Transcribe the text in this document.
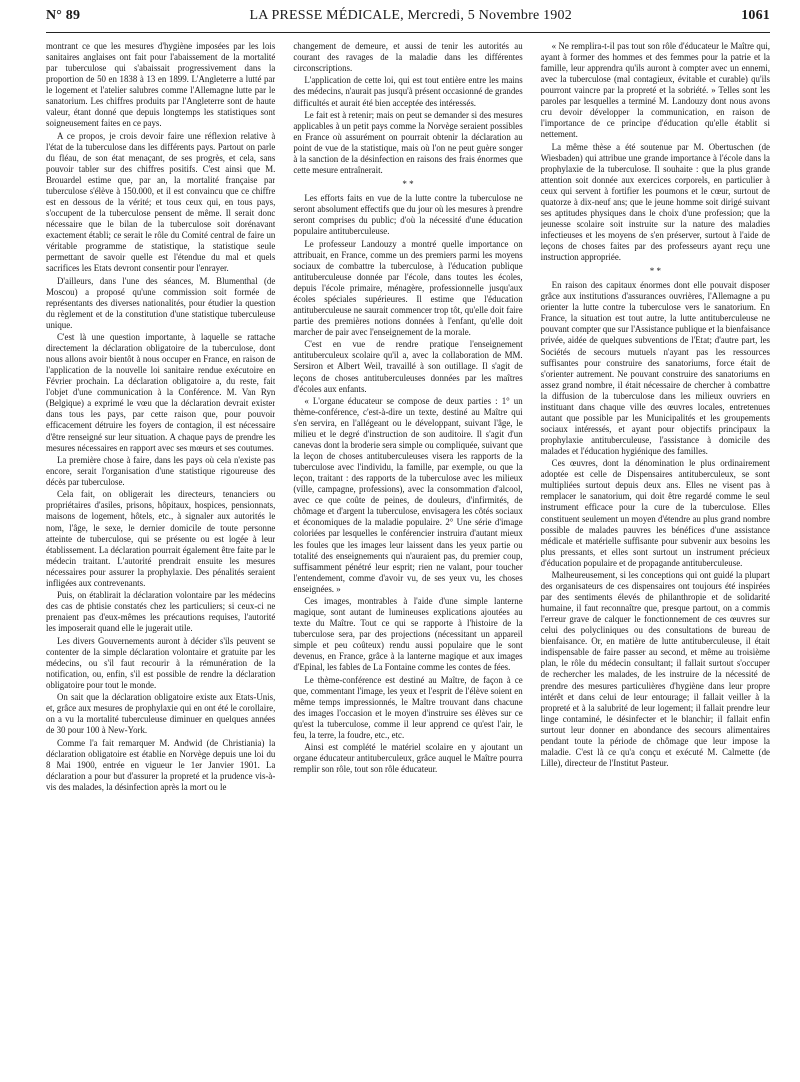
N° 89	LA PRESSE MÉDICALE, Mercredi, 5 Novembre 1902	1061

montrant ce que les mesures d'hygiène imposées par les lois sanitaires anglaises ont fait pour l'abaissement de la mortalité par tuberculose qui s'abaissait progressivement dans la proportion de 50 en 1838 à 13 en 1899. L'Angleterre a lutté par le logement et l'atelier salubres comme l'Allemagne lutte par le sanatorium. Les chiffres produits par l'Angleterre sont de haute valeur, étant donné que depuis longtemps les statistiques sont soigneusement faites en ce pays.

A ce propos, je crois devoir faire une réflexion relative à l'état de la tuberculose dans les différents pays. Partout on parle du fléau, de son état menaçant, de ses progrès, et cela, sans pouvoir tabler sur des chiffres positifs. C'est ainsi que M. Brouardel estime que, par an, la mortalité française par tuberculose s'élève à 150.000, et il est convaincu que ce chiffre est en dessous de la vérité; et tous ceux qui, en tous pays, s'occupent de la tuberculose pensent de même. Il serait donc nécessaire que le bilan de la tuberculose soit dorénavant exactement établi; ce serait le rôle du Comité central de faire un véritable programme de statistique, la statistique seule permettant de savoir quelle est l'étendue du mal et quels sacrifices les Etats devront consentir pour l'enrayer.

D'ailleurs, dans l'une des séances, M. Blumenthal (de Moscou) a proposé qu'une commission soit formée de représentants des diverses nationalités, pour étudier la question du règlement et de la constitution d'une statistique tuberculeuse unique.

C'est là une question importante, à laquelle se rattache directement la déclaration obligatoire de la tuberculose, dont nous allons avoir bientôt à nous occuper en France, en raison de l'application de la nouvelle loi sanitaire rendue exécutoire en Février prochain. La déclaration obligatoire a, du reste, fait l'objet d'une communication à la Conférence. M. Van Ryn (Belgique) a exprimé le vœu que la déclaration devrait exister dans tous les pays, par cette raison que, pour pouvoir efficacement détruire les foyers de contagion, il est nécessaire d'être renseigné sur leur situation. A chaque pays de prendre les mesures nécessaires en rapport avec ses mœurs et ses coutumes.

La première chose à faire, dans les pays où cela n'existe pas encore, serait l'organisation d'une statistique rigoureuse des décès par tuberculose.

Cela fait, on obligerait les directeurs, tenanciers ou propriétaires d'asiles, prisons, hôpitaux, hospices, pensionnats, maisons de logement, hôtels, etc., à signaler aux autorités le nom, l'âge, le sexe, le dernier domicile de toute personne atteinte de tuberculose, qui se présente ou est logée à leur établissement. La déclaration pourrait également être faite par le médecin traitant. L'autorité prendrait ensuite les mesures nécessaires pour assurer la prophylaxie. Des pénalités seraient infligées aux contrevenants.

Puis, on établirait la déclaration volontaire par les médecins des cas de phtisie constatés chez les particuliers; si ceux-ci ne prenaient pas d'eux-mêmes les précautions requises, l'autorité les imposerait quand elle le jugerait utile.

Les divers Gouvernements auront à décider s'ils peuvent se contenter de la simple déclaration volontaire et gratuite par les médecins, ou s'il faut recourir à la rémunération de la notification, ou, enfin, s'il est possible de rendre la déclaration obligatoire pour tout le monde.

On sait que la déclaration obligatoire existe aux Etats-Unis, et, grâce aux mesures de prophylaxie qui en ont été le corollaire, on a vu la mortalité tuberculeuse diminuer en quelques années de 30 pour 100 à New-York.

Comme l'a fait remarquer M. Andwid (de Christiania) la déclaration obligatoire est établie en Norvège depuis une loi du 8 Mai 1900, entrée en vigueur le 1er Janvier 1901. La déclaration a pour but d'assurer la propreté et la prudence vis-à-vis des malades, la désinfection après la mort ou le

changement de demeure, et aussi de tenir les autorités au courant des ravages de la maladie dans les différentes circonscriptions.

L'application de cette loi, qui est tout entière entre les mains des médecins, n'aurait pas jusqu'à présent occasionné de grandes difficultés et aurait été bien acceptée des intéressés.

Le fait est à retenir; mais on peut se demander si des mesures applicables à un petit pays comme la Norvège seraient possibles en France où assurément on pourrait obtenir la déclaration au point de vue de la statistique, mais où l'on ne peut guère songer à la sanction de la désinfection en raisons des frais énormes que cette mesure entraînerait.

* *

Les efforts faits en vue de la lutte contre la tuberculose ne seront absolument effectifs que du jour où les mesures à prendre seront comprises du public; d'où la nécessité d'une éducation populaire antituberculeuse.

Le professeur Landouzy a montré quelle importance on attribuait, en France, comme un des premiers parmi les moyens sociaux de combattre la tuberculose, à l'éducation publique antituberculeuse donnée par l'école, dans toutes les écoles, depuis l'école primaire, ménagère, professionnelle jusqu'aux écoles spéciales supérieures. Il estime que l'éducation antituberculeuse ne saurait commencer trop tôt, qu'elle doit faire partie des premières notions données à l'enfant, qu'elle doit marcher de pair avec l'enseignement de la morale.

C'est en vue de rendre pratique l'enseignement antituberculeux scolaire qu'il a, avec la collaboration de MM. Sersiron et Albert Weil, travaillé à son outillage. Il s'agit de leçons de choses antituberculeuses données par les maîtres d'écoles aux enfants.

« L'organe éducateur se compose de deux parties : 1° un thème-conférence, c'est-à-dire un texte, destiné au Maître qui s'en servira, en l'allégeant ou le développant, suivant l'âge, le milieu et le degré d'instruction de son auditoire. Il s'agit d'un canevas dont la broderie sera simple ou compliquée, suivant que la leçon de choses antituberculeuses visera les rapports de la tuberculose avec l'individu, la famille, par exemple, ou que la leçon, traitant : des rapports de la tuberculose avec les milieux (ville, campagne, professions), avec la consommation d'alcool, avec ce que coûte de peines, de douleurs, d'infirmités, de chômage et d'argent la tuberculose, envisagera les côtés sociaux et économiques de la maladie populaire. 2° Une série d'image coloriées par lesquelles le conférencier instruira d'autant mieux les foules que les images leur laissent dans les yeux partie ou totalité des enseignements qui n'auraient pas, du premier coup, suffisamment pénétré leur esprit; rien ne valant, pour toucher l'entendement, comme d'avoir vu, de ses yeux vu, les choses enseignées. »

Ces images, montrables à l'aide d'une simple lanterne magique, sont autant de lumineuses explications ajoutées au texte du Maître. Tout ce qui se rapporte à l'histoire de la tuberculose sera, par des projections (nécessitant un appareil simple et peu coûteux) rendu aussi populaire que le sont devenus, en France, grâce à la lanterne magique et aux images d'Epinal, les fables de La Fontaine comme les contes de fées.

Le thème-conférence est destiné au Maître, de façon à ce que, commentant l'image, les yeux et l'esprit de l'élève soient en même temps impressionnés, le Maître trouvant dans chacune des images l'occasion et le moyen d'instruire ses élèves sur ce qu'est la tuberculose, comme il leur apprend ce qu'est l'air, le feu, la terre, la foudre, etc., etc.

Ainsi est complété le matériel scolaire en y ajoutant un organe éducateur antituberculeux, grâce auquel le Maître pourra remplir son rôle, tout son rôle éducateur.

« Ne remplira-t-il pas tout son rôle d'éducateur le Maître qui, ayant à former des hommes et des femmes pour la patrie et la famille, leur apprendra qu'ils auront à compter avec un ennemi, avec la tuberculose (mal contagieux, évitable et curable) qu'ils pourront vaincre par la propreté et la sobriété. » Telles sont les paroles par lesquelles a terminé M. Landouzy dont nous avons cru devoir développer la communication, en raison de l'importance de ce principe d'éducation qu'elle établit si nettement.

La même thèse a été soutenue par M. Obertuschen (de Wiesbaden) qui attribue une grande importance à l'école dans la prophylaxie de la tuberculose. Il souhaite : que la plus grande attention soit donnée aux exercices corporels, en particulier à ceux qui servent à fortifier les poumons et le cœur, surtout de quatorze à dix-neuf ans; que le jeune homme soit dirigé suivant ses aptitudes physiques dans le choix d'une profession; que la jeunesse scolaire soit instruite sur la nature des maladies infectieuses et les moyens de s'en préserver, surtout à l'aide de leçons de choses faites par des professeurs ayant reçu une instruction appropriée.

* *

En raison des capitaux énormes dont elle pouvait disposer grâce aux institutions d'assurances ouvrières, l'Allemagne a pu orienter la lutte contre la tuberculose vers le sanatorium. En France, la situation est tout autre, la lutte antituberculeuse ne pouvant compter que sur l'Assistance publique et la bienfaisance privée, aidée de quelques subventions de l'Etat; d'autre part, les Sociétés de secours mutuels n'ayant pas les ressources suffisantes pour construire des sanatoriums, force était de s'orienter autrement. Ne pouvant construire des sanatoriums en assez grand nombre, il était nécessaire de chercher à combattre la diffusion de la tuberculose dans les milieux ouvriers en instituant dans chaque ville des œuvres locales, entretenues autant que possible par les Municipalités et les groupements sociaux intéressés, et ayant pour objectifs principaux la prophylaxie antituberculeuse, l'assistance à domicile des malades et l'éducation hygiénique des familles.

Ces œuvres, dont la dénomination le plus ordinairement adoptée est celle de Dispensaires antituberculeux, se sont multipliées surtout depuis deux ans. Elles ne visent pas à remplacer le sanatorium, qui doit être regardé comme le seul instrument efficace pour la cure de la tuberculose. Elles constituent seulement un moyen d'étendre au plus grand nombre possible de malades pauvres les bénéfices d'une assistance médicale et matérielle suffisante pour subvenir aux besoins les plus pressants, et elles sont surtout un instrument précieux d'éducation populaire et de propagande antituberculeuse.

Malheureusement, si les conceptions qui ont guidé la plupart des organisateurs de ces dispensaires ont toujours été inspirées par des sentiments élevés de philanthropie et de solidarité humaine, il faut reconnaître que, presque partout, on a commis l'erreur grave de calquer le fonctionnement de ces œuvres sur celui des polycliniques ou des consultations de bureau de bienfaisance. Or, en matière de lutte antituberculeuse, il était indispensable de faire passer au second, et même au troisième plan, le rôle du médecin consultant; il fallait surtout s'occuper de rechercher les malades, de les instruire de la nécessité de prendre des mesures particulières d'hygiène dans leur propre intérêt et dans celui de leur entourage; il fallait veiller à la propreté et à la salubrité de leur logement; il fallait prendre leur linge contaminé, le désinfecter et le blanchir; il fallait enfin surtout leur donner en abondance des secours alimentaires pendant toute la période de chômage que leur impose la maladie. C'est là ce qu'a conçu et exécuté M. Calmette (de Lille), directeur de l'Institut Pasteur.
